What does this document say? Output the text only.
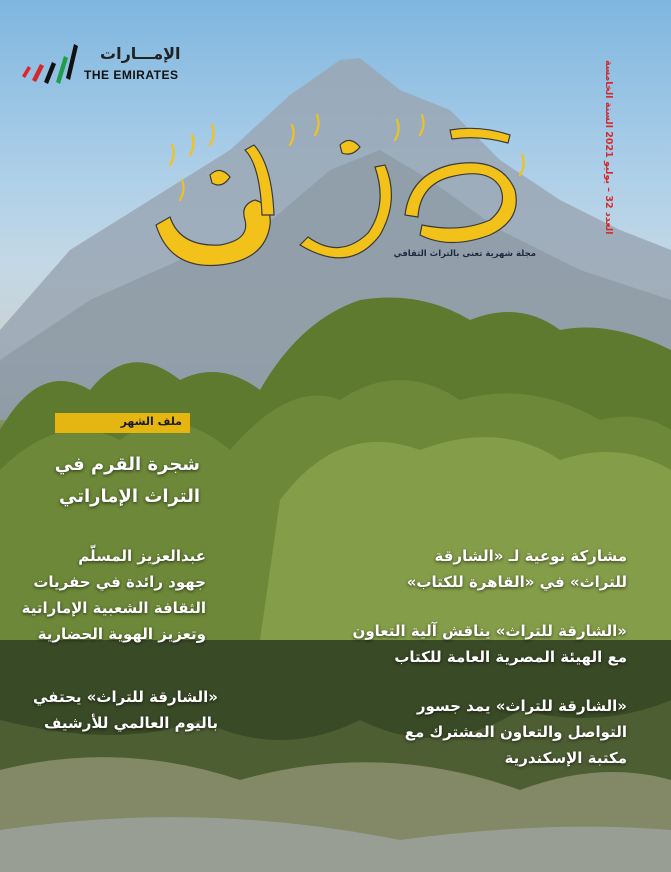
الإمـــارات
THE EMIRATES	العدد 32 – يوليو 2021 السنة الخامسة
مجلة شهرية تعنى بالتراث الثقافي
ملف الشهر
شجرة القرم في
التراث الإماراتي
عبدالعزيز المسلّم
جهود رائدة في حفريات
الثقافة الشعبية الإماراتية
وتعزيز الهوية الحضارية
«الشارقة للتراث» يحتفي
باليوم العالمي للأرشيف
مشاركة نوعية لـ «الشارقة
للتراث» في «القاهرة للكتاب»
«الشارقة للتراث» يناقش آلية التعاون
مع الهيئة المصرية العامة للكتاب
«الشارقة للتراث» يمد جسور
التواصل والتعاون المشترك مع
مكتبة الإسكندرية
